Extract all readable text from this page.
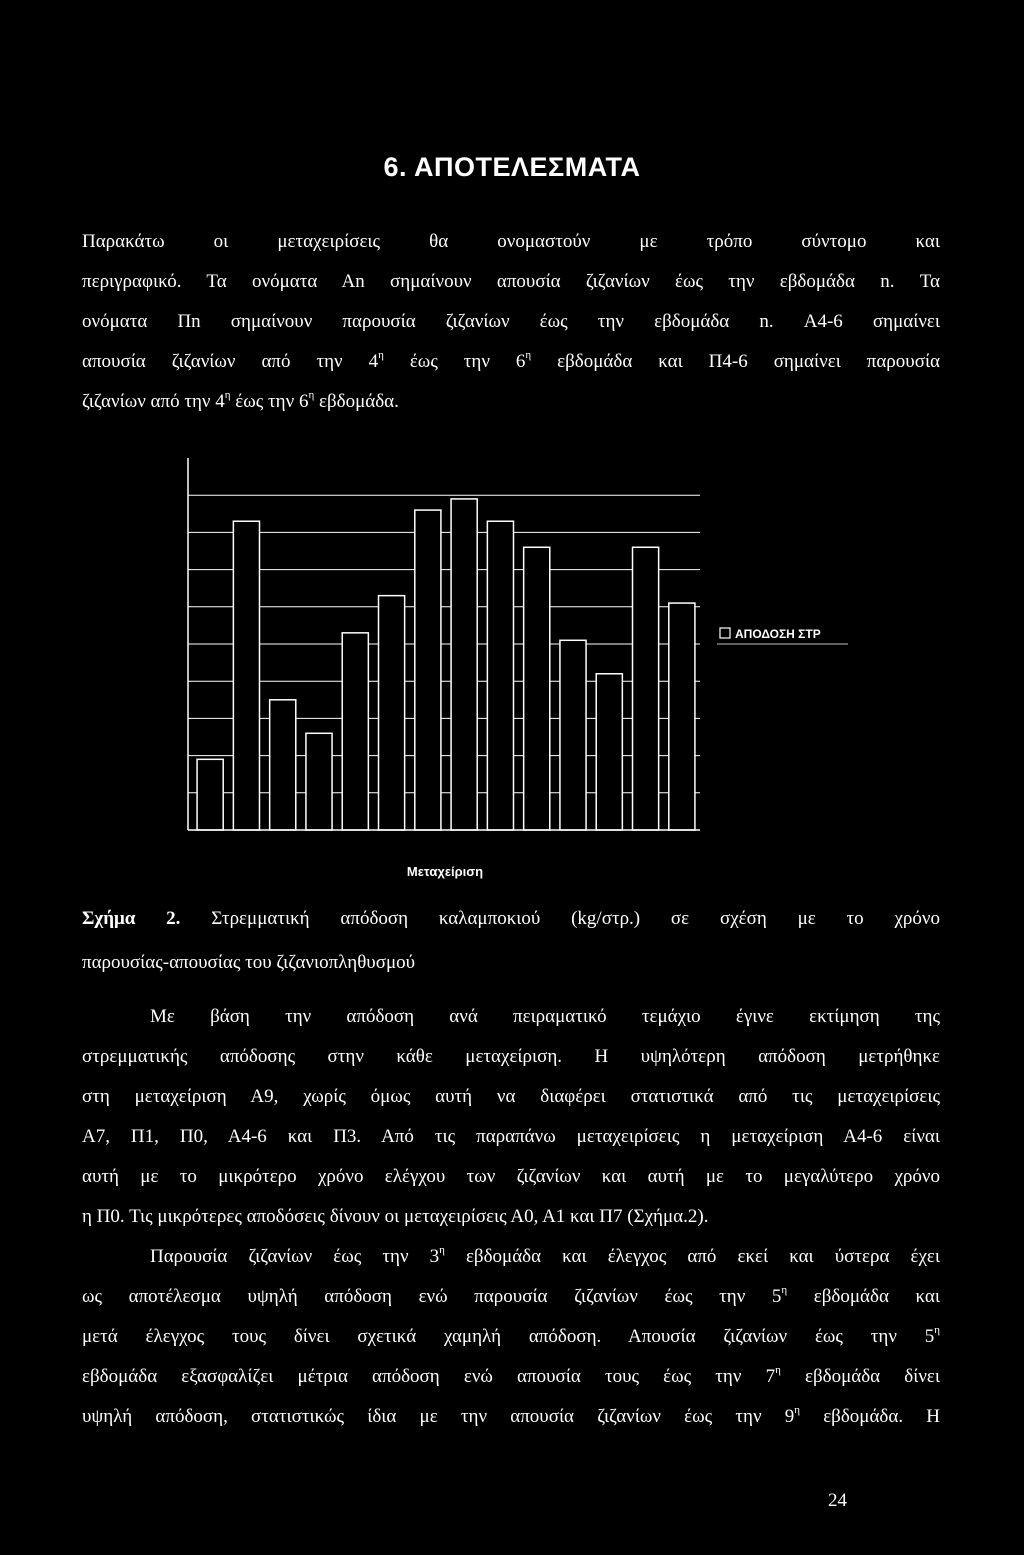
6. ΑΠΟΤΕΛΕΣΜΑΤΑ
Παρακάτω οι μεταχειρίσεις θα ονομαστούν με τρόπο σύντομο και
περιγραφικό. Τα ονόματα Αn σημαίνουν απουσία ζιζανίων έως την εβδομάδα n. Τα
ονόματα Πn σημαίνουν παρουσία ζιζανίων έως την εβδομάδα n. Α4-6 σημαίνει
απουσία ζιζανίων από την $4^\eta$ έως την $6^\eta$ εβδομάδα και Π4-6 σημαίνει παρουσία
ζιζανίων από την $4^\eta$ έως την $6^\eta$ εβδομάδα.
ΑΠΟΔΟΣΗ ΣΤΡ
Μεταχείριση
Σχήμα 2. Στρεμματική απόδοση καλαμποκιού (kg/στρ.) σε σχέση με το χρόνο
παρουσίας-απουσίας του ζιζανιοπληθυσμού
Με βάση την απόδοση ανά πειραματικό τεμάχιο έγινε εκτίμηση της
στρεμματικής απόδοσης στην κάθε μεταχείριση. Η υψηλότερη απόδοση μετρήθηκε
στη μεταχείριση Α9, χωρίς όμως αυτή να διαφέρει στατιστικά από τις μεταχειρίσεις
Α7, Π1, Π0, Α4-6 και Π3. Από τις παραπάνω μεταχειρίσεις η μεταχείριση Α4-6 είναι
αυτή με το μικρότερο χρόνο ελέγχου των ζιζανίων και αυτή με το μεγαλύτερο χρόνο
η Π0. Τις μικρότερες αποδόσεις δίνουν οι μεταχειρίσεις Α0, Α1 και Π7 (Σχήμα.2).
Παρουσία ζιζανίων έως την $3^\eta$ εβδομάδα και έλεγχος από εκεί και ύστερα έχει
ως αποτέλεσμα υψηλή απόδοση ενώ παρουσία ζιζανίων έως την $5^\eta$ εβδομάδα και
μετά έλεγχος τους δίνει σχετικά χαμηλή απόδοση. Απουσία ζιζανίων έως την $5^\eta$
εβδομάδα εξασφαλίζει μέτρια απόδοση ενώ απουσία τους έως την $7^\eta$ εβδομάδα δίνει
υψηλή απόδοση, στατιστικώς ίδια με την απουσία ζιζανίων έως την $9^\eta$ εβδομάδα. Η
24
